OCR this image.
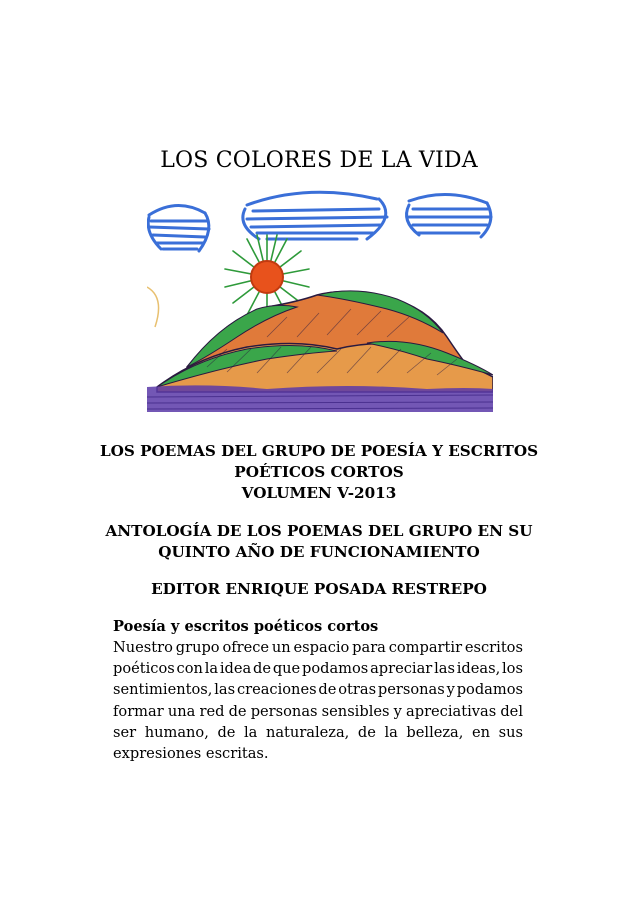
LOS COLORES DE LA VIDA
LOS POEMAS DEL GRUPO DE POESÍA Y ESCRITOS
POÉTICOS CORTOS
VOLUMEN V-2013
ANTOLOGÍA DE LOS POEMAS DEL GRUPO EN SU
QUINTO AÑO DE FUNCIONAMIENTO
EDITOR ENRIQUE POSADA RESTREPO
Poesía y escritos poéticos cortos
Nuestro grupo ofrece un espacio para compartir escritos
poéticos con la idea de que podamos apreciar las ideas, los
sentimientos, las creaciones de otras personas y podamos
formar una red de personas sensibles y apreciativas del
ser humano, de la naturaleza, de la belleza, en sus
expresiones escritas.
